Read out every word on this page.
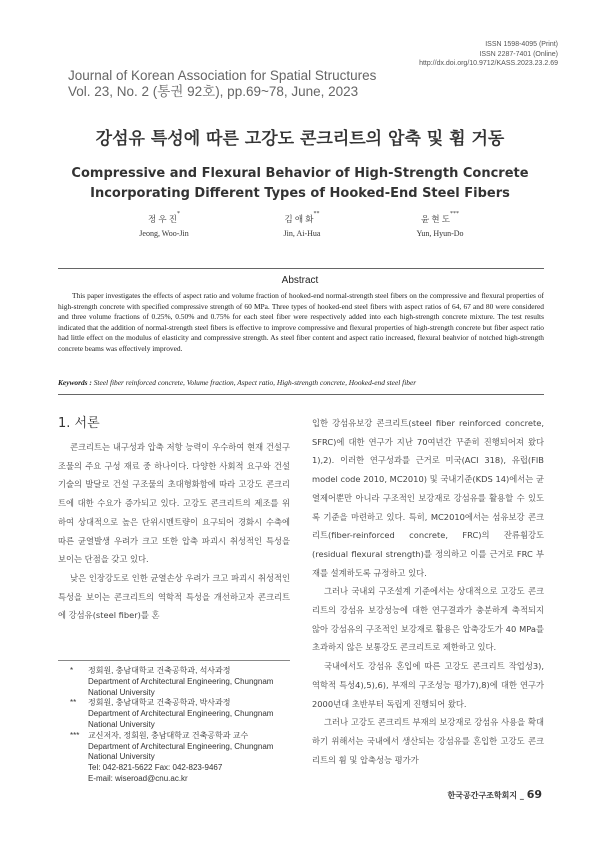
ISSN 1598-4095 (Print)
ISSN 2287-7401 (Online)
http://dx.doi.org/10.9712/KASS.2023.23.2.69
Journal of Korean Association for Spatial Structures
Vol. 23, No. 2 (통권 92호), pp.69~78, June, 2023
강섬유 특성에 따른 고강도 콘크리트의 압축 및 휨 거동
Compressive and Flexural Behavior of High-Strength Concrete
Incorporating Different Types of Hooked-End Steel Fibers
정 우 진*
Jeong, Woo-Jin
김 애 화**
Jin, Ai-Hua
윤 현 도***
Yun, Hyun-Do
Abstract
This paper investigates the effects of aspect ratio and volume fraction of hooked-end normal-strength steel fibers on the compressive and flexural properties of high-strength concrete with specified compressive strength of 60 MPa. Three types of hooked-end steel fibers with aspect ratios of 64, 67 and 80 were considered and three volume fractions of 0.25%, 0.50% and 0.75% for each steel fiber were respectively added into each high-strength concrete mixture. The test results indicated that the addition of normal-strength steel fibers is effective to improve compressive and flexural properties of high-strength concrete but fiber aspect ratio had little effect on the modulus of elasticity and compressive strength. As steel fiber content and aspect ratio increased, flexural beahvior of notched high-strength concrete beams was effectively improved.
Keywords : Steel fiber reinforced concrete, Volume fraction, Aspect ratio, High-strength concrete, Hooked-end steel fiber
1. 서론

콘크리트는 내구성과 압축 저항 능력이 우수하여 현재 건설구조물의 주요 구성 재료 중 하나이다. 다양한 사회적 요구와 건설기술의 발달로 건설 구조물의 초대형화함에 따라 고강도 콘크리트에 대한 수요가 증가되고 있다. 고강도 콘크리트의 제조를 위하여 상대적으로 높은 단위시멘트량이 요구되어 경화시 수축에 따른 균열발생 우려가 크고 또한 압축 파괴시 취성적인 특성을 보이는 단점을 갖고 있다.

낮은 인장강도로 인한 균열손상 우려가 크고 파괴시 취성적인 특성을 보이는 콘크리트의 역학적 특성을 개선하고자 콘크리트에 강섬유(steel fiber)를 혼

입한 강섬유보강 콘크리트(steel fiber reinforced concrete, SFRC)에 대한 연구가 지난 70여년간 꾸준히 진행되어져 왔다1),2). 이러한 연구성과를 근거로 미국(ACI 318), 유럽(FIB model code 2010, MC2010) 및 국내기준(KDS 14)에서는 균열제어뿐만 아니라 구조적인 보강재로 강섬유를 활용할 수 있도록 기준을 마련하고 있다. 특히, MC2010에서는 섬유보강 콘크리트(fiber-reinforced concrete, FRC)의 잔류휨강도(residual flexural strength)를 정의하고 이를 근거로 FRC 부재를 설계하도록 규정하고 있다.

그러나 국내외 구조설계 기준에서는 상대적으로 고강도 콘크리트의 강섬유 보강성능에 대한 연구결과가 충분하게 축적되지 않아 강섬유의 구조적인 보강재로 활용은 압축강도가 40 MPa를 초과하지 않은 보통강도 콘크리트로 제한하고 있다.

국내에서도 강섬유 혼입에 따른 고강도 콘크리트 작업성3), 역학적 특성4),5),6), 부재의 구조성능 평가7),8)에 대한 연구가 2000년대 초반부터 독립게 진행되어 왔다.

그러나 고강도 콘크리트 부재의 보강재로 강섬유 사용을 확대하기 위해서는 국내에서 생산되는 강섬유를 혼입한 고강도 콘크리트의 휨 및 압축성능 평가가

*	정회원, 충남대학교 건축공학과, 석사과정
Department of Architectural Engineering, Chungnam National University
**	정회원, 충남대학교 건축공학과, 박사과정
Department of Architectural Engineering, Chungnam National University
***	교신저자, 정회원, 충남대학교 건축공학과 교수
Department of Architectural Engineering, Chungnam National University
Tel: 042-821-5622 Fax: 042-823-9467
E-mail: wiseroad@cnu.ac.kr
한국공간구조학회지 _ 69
